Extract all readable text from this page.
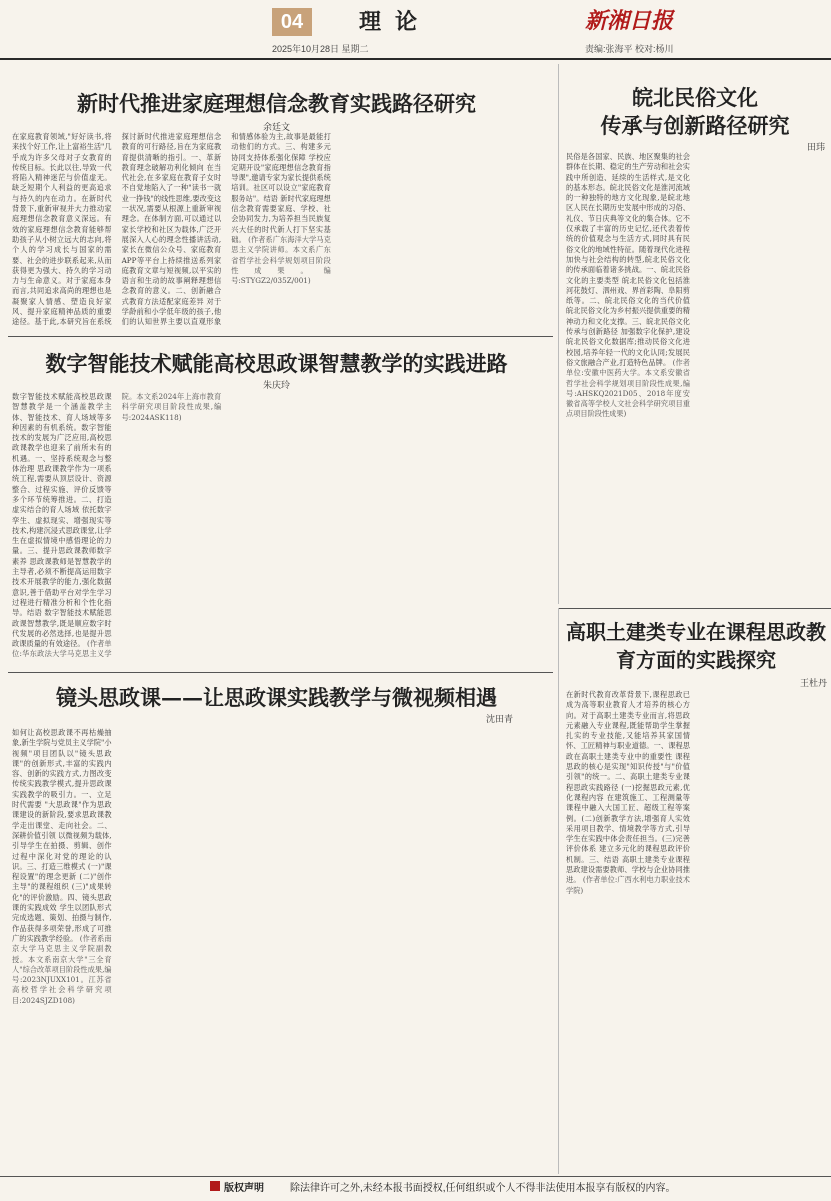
04	理论
2025年10月28日 星期二
新湘日报
责编:张海平 校对:杨川
新时代推进家庭理想信念教育实践路径研究
余廷文
在家庭教育领域,"好好读书,将来找个好工作,让上富裕生活"几乎成为许多父母对子女教育的传统目标。长此以往,导致一代将陷入精神迷茫与价值虚无。缺乏短期个人利益的更高追求与持久的内在动力。在新时代背景下,重新审视并大力推动家庭理想信念教育意义深远。有效的家庭理想信念教育能够帮助孩子从小树立远大的志向,将个人的学习成长与国家的需要、社会的进步联系起来,从而获得更为强大、持久的学习动力与生命意义。对于家庭本身而言,共同追求高尚的理想也是凝聚家人情感、塑造良好家风、提升家庭精神品质的重要途径。基于此,本研究旨在系统探讨新时代推进家庭理想信念教育的可行路径,旨在为家庭教育提供清晰的指引。一、革新教育理念破解功利化倾向 在当代社会,在多家庭在教育子女时不自觉地陷入了一种"读书一就业一挣钱"的线性思维,要改变这一状况,需要从根源上重新审视理念。在体制方面,可以通过以家长学校和社区为载体,广泛开展深入人心的理念性播讲活动,家长在微信公众号、家庭教育APP等平台上持续推送系列家庭教育文章与短视频,以平实的语言和生动的故事阐释理想信念教育的意义。二、创新融合式教育方法适配家庭差异 对于学龄前和小学低年级的孩子,他们的认知世界主要以直观形象和情感体验为主,故事是最能打动他们的方式。三、构建多元协同支持体系强化保障 学校应定期开设"家庭理想信念教育指导课",邀请专家为家长提供系统培训。社区可以设立"家庭教育服务站"。结语 新时代家庭理想信念教育需要家庭、学校、社会协同发力,为培养担当民族复兴大任的时代新人打下坚实基础。 (作者系广东海洋大学马克思主义学院讲师。本文系广东省哲学社会科学规划项目阶段性成果。编号:STYGZ2/035Z/001)
皖北民俗文化
传承与创新路径研究
田玮
民俗是各国家、民族、地区聚集的社会群体在长期、稳定的生产劳动和社会实践中所创造、延续的生活样式,是文化的基本形态。皖北民俗文化是淮河流域的一种独特的地方文化现象,是皖北地区人民在长期历史发展中形成的习俗、礼仪、节日庆典等文化的集合体。它不仅承载了丰富的历史记忆,还代表着传统的价值观念与生活方式,同时具有民俗文化的地域性特征。随着现代化进程加快与社会结构的转型,皖北民俗文化的传承面临着诸多挑战。一、皖北民俗文化的主要类型 皖北民俗文化包括淮河花鼓灯、泗州戏、界首彩陶、阜阳剪纸等。二、皖北民俗文化的当代价值 皖北民俗文化为乡村振兴提供重要的精神动力和文化支撑。三、皖北民俗文化传承与创新路径 加强数字化保护,建设皖北民俗文化数据库;推动民俗文化进校园,培养年轻一代的文化认同;发展民俗文旅融合产业,打造特色品牌。 (作者单位:安徽中医药大学。本文系安徽省哲学社会科学规划项目阶段性成果,编号:AHSKQ2021D05、2018年度安徽省高等学校人文社会科学研究项目重点项目阶段性成果)
数字智能技术赋能高校思政课智慧教学的实践进路
朱庆玲
数字智能技术赋能高校思政课智慧教学是一个涵盖教学主体、智能技术、育人场域等多种因素的有机系统。数字智能技术的发展为广泛应用,高校思政课教学也迎来了前所未有的机遇。一、坚持系统观念与整体治理 思政课教学作为一项系统工程,需要从顶层设计、资源整合、过程实施、评价反馈等多个环节统筹推进。二、打造虚实结合的育人场域 依托数字孪生、虚拟现实、增强现实等技术,构建沉浸式思政课堂,让学生在虚拟情境中感悟理论的力量。三、提升思政课教师数字素养 思政课教师是智慧教学的主导者,必须不断提高运用数字技术开展教学的能力,强化数据意识,善于借助平台对学生学习过程进行精准分析和个性化指导。结语 数字智能技术赋能思政课智慧教学,既是顺应数字时代发展的必然选择,也是提升思政课质量的有效途径。 (作者单位:华东政法大学马克思主义学院。本文系2024年上海市教育科学研究项目阶段性成果,编号:2024ASK118)
高职土建类专业在课程思政教育方面的实践探究
王杜丹
在新时代教育改革背景下,课程思政已成为高等职业教育人才培养的核心方向。对于高职土建类专业而言,将思政元素融入专业课程,既能帮助学生掌握扎实的专业技能,又能培养其家国情怀、工匠精神与职业道德。一、课程思政在高职土建类专业中的重要性 课程思政的核心是实现"知识传授"与"价值引领"的统一。二、高职土建类专业课程思政实践路径 (一)挖掘思政元素,优化课程内容 在建筑施工、工程测量等课程中融入大国工匠、超级工程等案例。(二)创新教学方法,增强育人实效 采用项目教学、情境教学等方式,引导学生在实践中体会责任担当。(三)完善评价体系 建立多元化的课程思政评价机制。三、结语 高职土建类专业课程思政建设需要教师、学校与企业协同推进。 (作者单位:广西水利电力职业技术学院)
镜头思政课——让思政课实践教学与微视频相遇
沈田青
如何让高校思政课不再枯燥抽象,新生学院与党员主义学院"小视频"项目团队以"镜头思政课"的创新形式,丰富的实践内容、创新的实践方式,力图改变传统实践教学模式,提升思政课实践教学的吸引力。一、立足时代需要 "大思政课"作为思政课建设的新阶段,要求思政课教学走出课堂、走向社会。二、深耕价值引领 以微视频为载体,引导学生在拍摄、剪辑、创作过程中深化对党的理论的认识。三、打造三维模式 (一)"课程设置"的理念更新 (二)"创作主导"的课程组织 (三)"成果转化"的评价激励。四、镜头思政课的实践成效 学生以团队形式完成选题、策划、拍摄与制作,作品获得多项荣誉,形成了可推广的实践教学经验。 (作者系南京大学马克思主义学院副教授。本文系南京大学"三全育人"综合改革项目阶段性成果,编号:2023NJUXX101。江苏省高校哲学社会科学研究项目:2024SJZD108)
版权声明	除法律许可之外,未经本报书面授权,任何组织或个人不得非法使用本报享有版权的内容。
